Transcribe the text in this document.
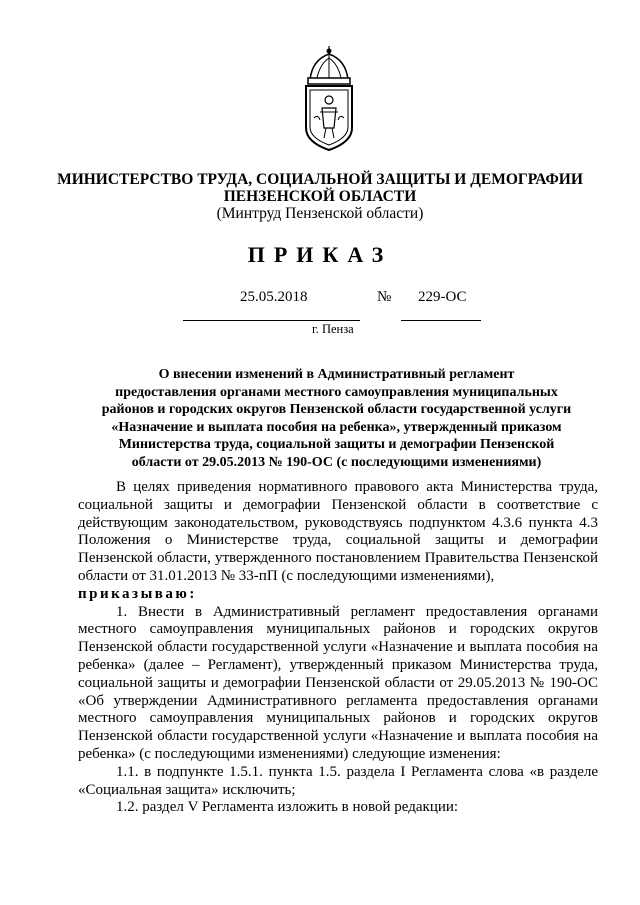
МИНИСТЕРСТВО ТРУДА, СОЦИАЛЬНОЙ ЗАЩИТЫ И ДЕМОГРАФИИ
ПЕНЗЕНСКОЙ ОБЛАСТИ
(Минтруд Пензенской области)
ПРИКАЗ
25.05.2018	№ 229-ОС
г. Пенза
О внесении изменений в Административный регламент
предоставления органами местного самоуправления муниципальных
районов и городских округов Пензенской области государственной услуги
«Назначение и выплата пособия на ребенка», утвержденный приказом
Министерства труда, социальной защиты и демографии Пензенской
области от 29.05.2013 № 190-ОС (с последующими изменениями)

В целях приведения нормативного правового акта Министерства труда, социальной защиты и демографии Пензенской области в соответствие с действующим законодательством, руководствуясь подпунктом 4.3.6 пункта 4.3 Положения о Министерстве труда, социальной защиты и демографии Пензенской области, утвержденного постановлением Правительства Пензенской области от 31.01.2013 № 33-пП (с последующими изменениями),

приказываю:

1. Внести в Административный регламент предоставления органами местного самоуправления муниципальных районов и городских округов Пензенской области государственной услуги «Назначение и выплата пособия на ребенка» (далее – Регламент), утвержденный приказом Министерства труда, социальной защиты и демографии Пензенской области от 29.05.2013 № 190-ОС «Об утверждении Административного регламента предоставления органами местного самоуправления муниципальных районов и городских округов Пензенской области государственной услуги «Назначение и выплата пособия на ребенка» (с последующими изменениями) следующие изменения:

1.1. в подпункте 1.5.1. пункта 1.5. раздела I Регламента слова «в разделе «Социальная защита» исключить;

1.2. раздел V Регламента изложить в новой редакции:
